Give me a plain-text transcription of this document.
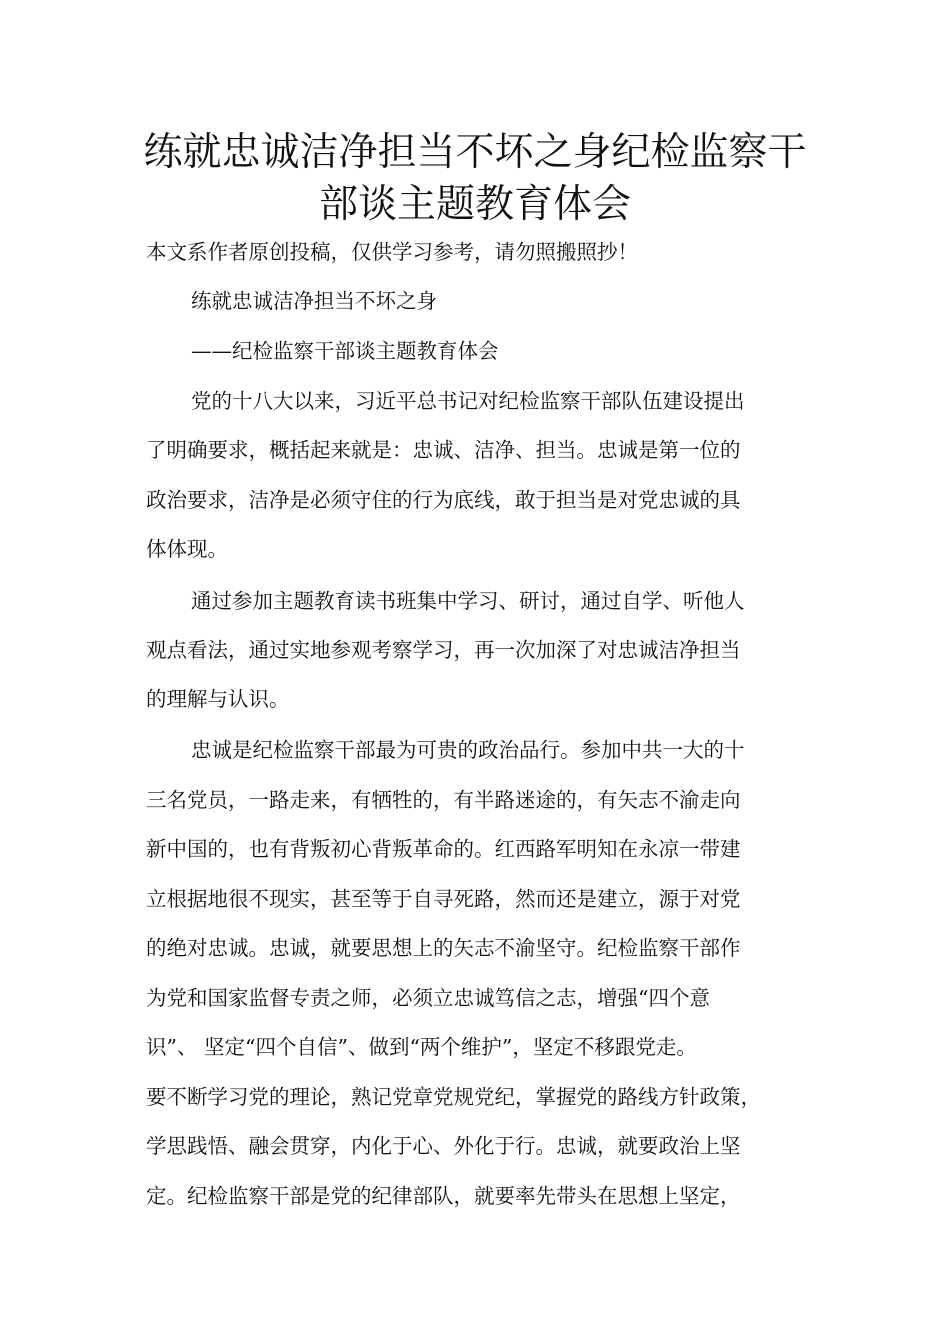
练就忠诚洁净担当不坏之身纪检监察干
部谈主题教育体会
本文系作者原创投稿，仅供学习参考，请勿照搬照抄！
练就忠诚洁净担当不坏之身
——纪检监察干部谈主题教育体会
党的十八大以来，习近平总书记对纪检监察干部队伍建设提出
了明确要求，概括起来就是：忠诚、洁净、担当。忠诚是第一位的
政治要求，洁净是必须守住的行为底线，敢于担当是对党忠诚的具
体体现。
通过参加主题教育读书班集中学习、研讨，通过自学、听他人
观点看法，通过实地参观考察学习，再一次加深了对忠诚洁净担当
的理解与认识。
忠诚是纪检监察干部最为可贵的政治品行。参加中共一大的十
三名党员，一路走来，有牺牲的，有半路迷途的，有矢志不渝走向
新中国的，也有背叛初心背叛革命的。红西路军明知在永凉一带建
立根据地很不现实，甚至等于自寻死路，然而还是建立，源于对党
的绝对忠诚。忠诚，就要思想上的矢志不渝坚守。纪检监察干部作
为党和国家监督专责之师，必须立忠诚笃信之志，增强“四个意
识”、 坚定“四个自信”、做到“两个维护”，坚定不移跟党走。
要不断学习党的理论，熟记党章党规党纪，掌握党的路线方针政策，
学思践悟、融会贯穿，内化于心、外化于行。忠诚，就要政治上坚
定。纪检监察干部是党的纪律部队，就要率先带头在思想上坚定，
